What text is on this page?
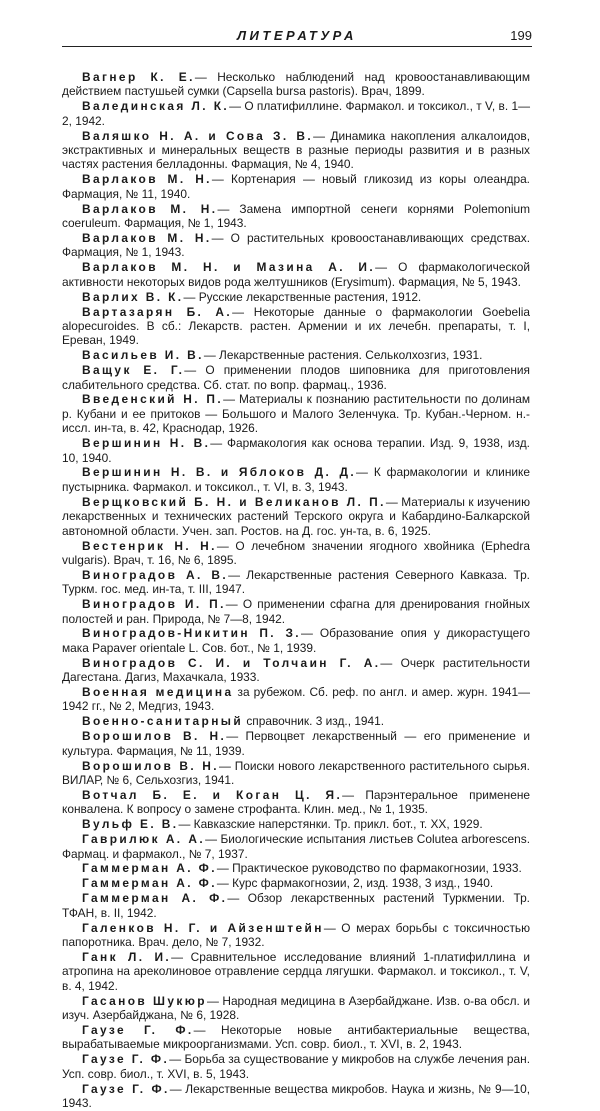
ЛИТЕРАТУРА	199

Вагнер К. Е.— Несколько наблюдений над кровоостанавливающим действием пастушьей сумки (Capsella bursa pastoris). Врач, 1899.

Валединская Л. К.— О платифиллине. Фармакол. и токсикол., т V, в. 1—2, 1942.

Валяшко Н. А. и Сова З. В.— Динамика накопления алкалоидов, экстрактивных и минеральных веществ в разные периоды развития и в разных частях растения белладонны. Фармация, № 4, 1940.

Варлаков М. Н.— Кортенария — новый гликозид из коры олеандра. Фармация, № 11, 1940.

Варлаков М. Н.— Замена импортной сенеги корнями Polemonium coeruleum. Фармация, № 1, 1943.

Варлаков М. Н.— О растительных кровоостанавливающих средствах. Фармация, № 1, 1943.

Варлаков М. Н. и Мазина А. И.— О фармакологической активности некоторых видов рода желтушников (Erysimum). Фармация, № 5, 1943.

Варлих В. К.— Русские лекарственные растения, 1912.

Вартазарян Б. А.— Некоторые данные о фармакологии Goebelia alopecuroides. В сб.: Лекарств. растен. Армении и их лечебн. препараты, т. I, Ереван, 1949.

Васильев И. В.— Лекарственные растения. Сельколхозгиз, 1931.

Ващук Е. Г.— О применении плодов шиповника для приготовления слабительного средства. Сб. стат. по вопр. фармац., 1936.

Введенский Н. П.— Материалы к познанию растительности по долинам р. Кубани и ее притоков — Большого и Малого Зеленчука. Тр. Кубан.-Черном. н.-иссл. ин-та, в. 42, Краснодар, 1926.

Вершинин Н. В.— Фармакология как основа терапии. Изд. 9, 1938, изд. 10, 1940.

Вершинин Н. В. и Яблоков Д. Д.— К фармакологии и клинике пустырника. Фармакол. и токсикол., т. VI, в. 3, 1943.

Верщковский Б. Н. и Великанов Л. П.— Материалы к изучению лекарственных и технических растений Терского округа и Кабардино-Балкарской автономной области. Учен. зап. Ростов. на Д. гос. ун-та, в. 6, 1925.

Вестенрик Н. Н.— О лечебном значении ягодного хвойника (Ephedra vulgaris). Врач, т. 16, № 6, 1895.

Виноградов А. В.— Лекарственные растения Северного Кавказа. Тр. Туркм. гос. мед. ин-та, т. III, 1947.

Виноградов И. П.— О применении сфагна для дренирования гнойных полостей и ран. Природа, № 7—8, 1942.

Виноградов-Никитин П. З.— Образование опия у дикорастущего мака Papaver orientale L. Сов. бот., № 1, 1939.

Виноградов С. И. и Толчаин Г. А.— Очерк растительности Дагестана. Дагиз, Махачкала, 1933.

Военная медицина за рубежом. Сб. реф. по англ. и амер. журн. 1941—1942 гг., № 2, Медгиз, 1943.

Военно-санитарный справочник. 3 изд., 1941.

Ворошилов В. Н.— Первоцвет лекарственный — его применение и культура. Фармация, № 11, 1939.

Ворошилов В. Н.— Поиски нового лекарственного растительного сырья. ВИЛАР, № 6, Сельхозгиз, 1941.

Вотчал Б. Е. и Коган Ц. Я.— Парэнтеральное применене конвалена. К вопросу о замене строфанта. Клин. мед., № 1, 1935.

Вульф Е. В.— Кавказские наперстянки. Тр. прикл. бот., т. XX, 1929.

Гаврилюк А. А.— Биологические испытания листьев Colutea arborescens. Фармац. и фармакол., № 7, 1937.

Гаммерман А. Ф.— Практическое руководство по фармакогнозии, 1933.

Гаммерман А. Ф.— Курс фармакогнозии, 2, изд. 1938, 3 изд., 1940.

Гаммерман А. Ф.— Обзор лекарственных растений Туркмении. Тр. ТФАН, в. II, 1942.

Галенков Н. Г. и Айзенштейн— О мерах борьбы с токсичностью папоротника. Врач. дело, № 7, 1932.

Ганк Л. И.— Сравнительное исследование влияний 1-платифиллина и атропина на ареколиновое отравление сердца лягушки. Фармакол. и токсикол., т. V, в. 4, 1942.

Гасанов Шукюр— Народная медицина в Азербайджане. Изв. о-ва обсл. и изуч. Азербайджана, № 6, 1928.

Гаузе Г. Ф.— Некоторые новые антибактериальные вещества, вырабатываемые микроорганизмами. Усп. совр. биол., т. XVI, в. 2, 1943.

Гаузе Г. Ф.— Борьба за существование у микробов на службе лечения ран. Усп. совр. биол., т. XVI, в. 5, 1943.

Гаузе Г. Ф.— Лекарственные вещества микробов. Наука и жизнь, № 9—10, 1943.
